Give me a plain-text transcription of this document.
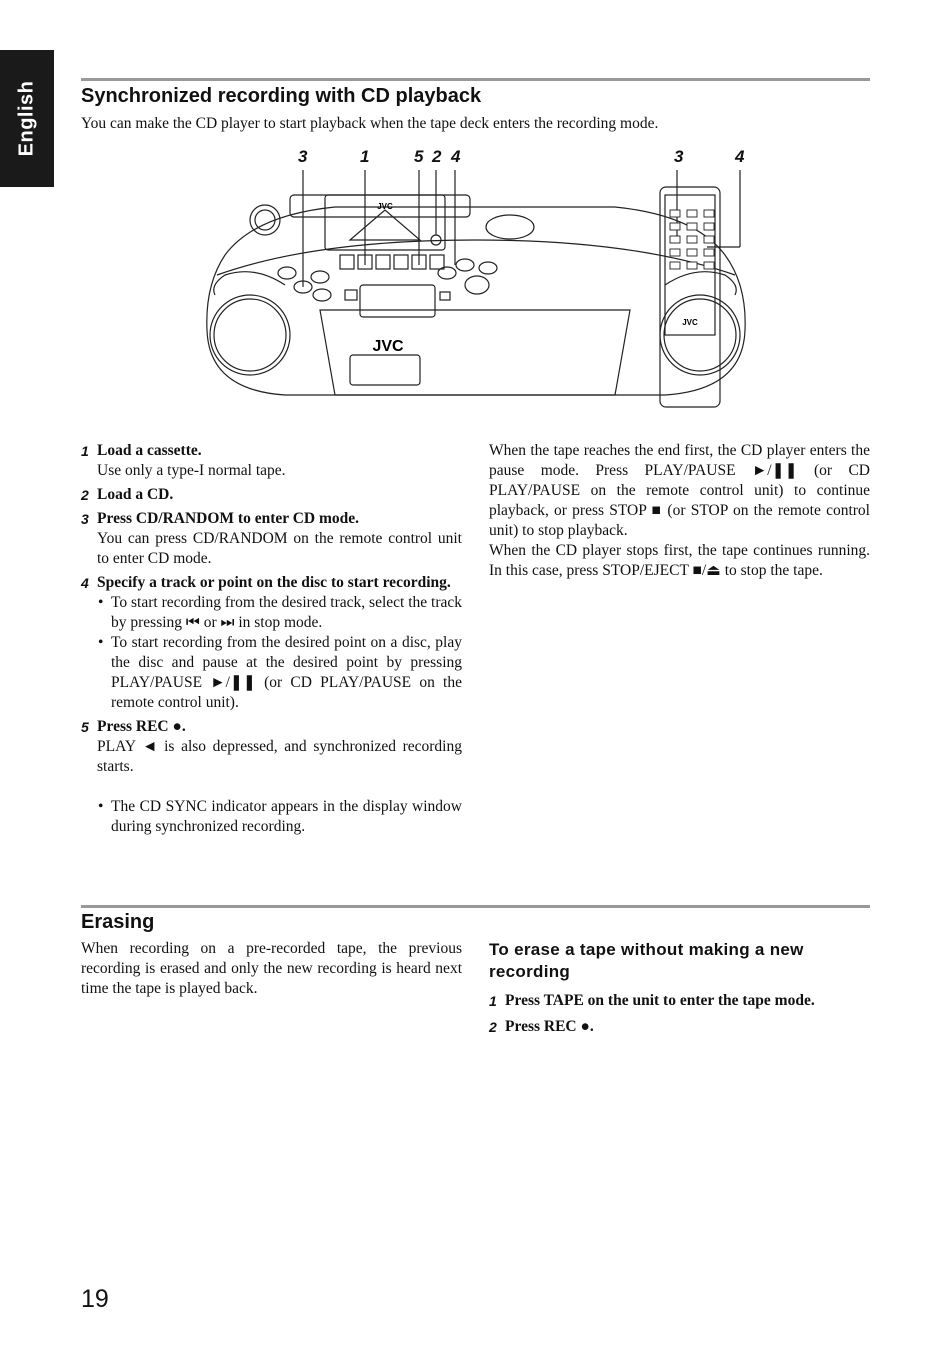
English Synchronized recording with CD playback

You can make the CD player to start playback when the tape deck enters the recording mode.

3	1	5 2 4	3	4
JVC
JVC
JVC
1 Load a cassette.
Use only a type-I normal tape.
2 Load a CD.
3 Press CD/RANDOM to enter CD mode.
You can press CD/RANDOM on the remote control unit to enter CD mode.
4 Specify a track or point on the disc to start recording.
• To start recording from the desired track, select the track by pressing ⏮ or ⏭ in stop mode.
• To start recording from the desired point on a disc, play the disc and pause at the desired point by pressing PLAY/PAUSE ►/❚❚ (or CD PLAY/PAUSE on the remote control unit).
5 Press REC ●.
PLAY ◄ is also depressed, and synchronized recording starts.
• The CD SYNC indicator appears in the display window during synchronized recording.
When the tape reaches the end first, the CD player enters the pause mode. Press PLAY/PAUSE ►/❚❚ (or CD PLAY/PAUSE on the remote control unit) to continue playback, or press STOP ■ (or STOP on the remote control unit) to stop playback.
When the CD player stops first, the tape continues running. In this case, press STOP/EJECT ■/⏏ to stop the tape.
Erasing
When recording on a pre-recorded tape, the previous recording is erased and only the new recording is heard next time the tape is played back.
To erase a tape without making a new recording
1 Press TAPE on the unit to enter the tape mode.
2 Press REC ●.
19
